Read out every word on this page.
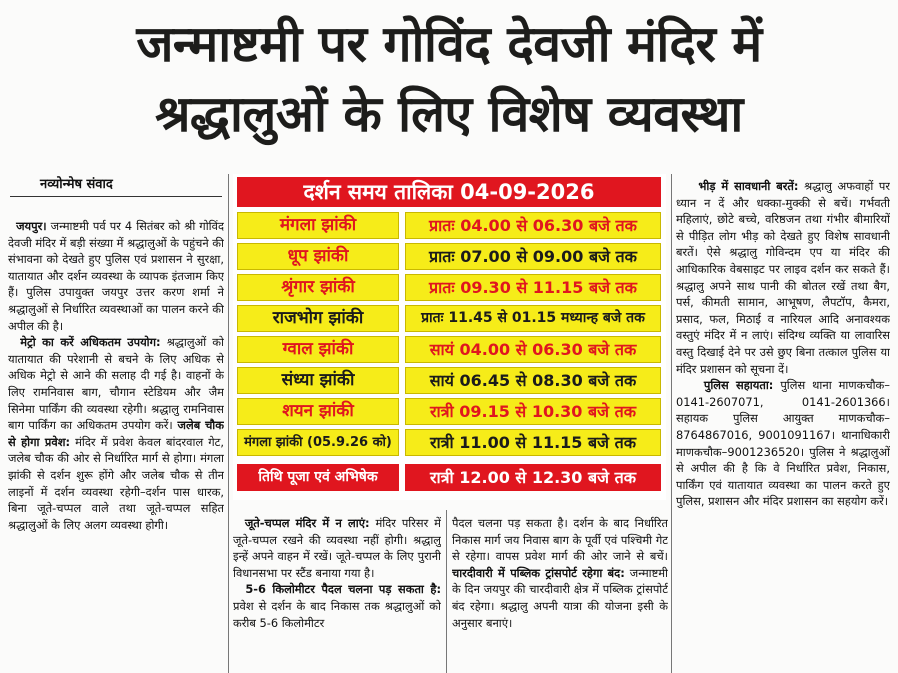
जन्माष्टमी पर गोविंद देवजी मंदिर में
श्रद्धालुओं के लिए विशेष व्यवस्था
नव्योन्मेष संवाद

जयपुर। जन्माष्टमी पर्व पर 4 सितंबर को श्री गोविंद देवजी मंदिर में बड़ी संख्या में श्रद्धालुओं के पहुंचने की संभावना को देखते हुए पुलिस एवं प्रशासन ने सुरक्षा, यातायात और दर्शन व्यवस्था के व्यापक इंतजाम किए हैं। पुलिस उपायुक्त जयपुर उत्तर करण शर्मा ने श्रद्धालुओं से निर्धारित व्यवस्थाओं का पालन करने की अपील की है।

मेट्रो का करें अधिकतम उपयोग: श्रद्धालुओं को यातायात की परेशानी से बचने के लिए अधिक से अधिक मेट्रो से आने की सलाह दी गई है। वाहनों के लिए रामनिवास बाग, चौगान स्टेडियम और जैम सिनेमा पार्किंग की व्यवस्था रहेगी। श्रद्धालु रामनिवास बाग पार्किंग का अधिकतम उपयोग करें। जलेब चौक से होगा प्रवेश: मंदिर में प्रवेश केवल बांदरवाल गेट, जलेब चौक की ओर से निर्धारित मार्ग से होगा। मंगला झांकी से दर्शन शुरू होंगे और जलेब चौक से तीन लाइनों में दर्शन व्यवस्था रहेगी–दर्शन पास धारक, बिना जूते-चप्पल वाले तथा जूते-चप्पल सहित श्रद्धालुओं के लिए अलग व्यवस्था होगी।

दर्शन समय तालिका 04-09-2026
मंगला झांकी	प्रातः 04.00 से 06.30 बजे तक
धूप झांकी	प्रातः 07.00 से 09.00 बजे तक
श्रृंगार झांकी	प्रातः 09.30 से 11.15 बजे तक
राजभोग झांकी	प्रातः 11.45 से 01.15 मध्यान्ह बजे तक
ग्वाल झांकी	सायं 04.00 से 06.30 बजे तक
संध्या झांकी	सायं 06.45 से 08.30 बजे तक
शयन झांकी	रात्री 09.15 से 10.30 बजे तक
मंगला झांकी (05.9.26 को)	रात्री 11.00 से 11.15 बजे तक
तिथि पूजा एवं अभिषेक	रात्री 12.00 से 12.30 बजे तक

जूते-चप्पल मंदिर में न लाएं: मंदिर परिसर में जूते-चप्पल रखने की व्यवस्था नहीं होगी। श्रद्धालु इन्हें अपने वाहन में रखें। जूते-चप्पल के लिए पुरानी विधानसभा पर स्टैंड बनाया गया है।

5-6 किलोमीटर पैदल चलना पड़ सकता है: प्रवेश से दर्शन के बाद निकास तक श्रद्धालुओं को करीब 5-6 किलोमीटर

पैदल चलना पड़ सकता है। दर्शन के बाद निर्धारित निकास मार्ग जय निवास बाग के पूर्वी एवं पश्चिमी गेट से रहेगा। वापस प्रवेश मार्ग की ओर जाने से बचें।चारदीवारी में पब्लिक ट्रांसपोर्ट रहेगा बंद: जन्माष्टमी के दिन जयपुर की चारदीवारी क्षेत्र में पब्लिक ट्रांसपोर्ट बंद रहेगा। श्रद्धालु अपनी यात्रा की योजना इसी के अनुसार बनाएं।

भीड़ में सावधानी बरतें: श्रद्धालु अफवाहों पर ध्यान न दें और धक्का-मुक्की से बचें। गर्भवती महिलाएं, छोटे बच्चे, वरिष्ठजन तथा गंभीर बीमारियों से पीड़ित लोग भीड़ को देखते हुए विशेष सावधानी बरतें। ऐसे श्रद्धालु गोविन्दम एप या मंदिर की आधिकारिक वेबसाइट पर लाइव दर्शन कर सकते हैं। श्रद्धालु अपने साथ पानी की बोतल रखें तथा बैग, पर्स, कीमती सामान, आभूषण, लैपटॉप, कैमरा, प्रसाद, फल, मिठाई व नारियल आदि अनावश्यक वस्तुएं मंदिर में न लाएं। संदिग्ध व्यक्ति या लावारिस वस्तु दिखाई देने पर उसे छुए बिना तत्काल पुलिस या मंदिर प्रशासन को सूचना दें।

पुलिस सहायता: पुलिस थाना माणकचौक–0141-2607071, 0141-2601366। सहायक पुलिस आयुक्त माणकचौक–8764867016, 9001091167। थानाधिकारी माणकचौक–9001236520। पुलिस ने श्रद्धालुओं से अपील की है कि वे निर्धारित प्रवेश, निकास, पार्किंग एवं यातायात व्यवस्था का पालन करते हुए पुलिस, प्रशासन और मंदिर प्रशासन का सहयोग करें।
